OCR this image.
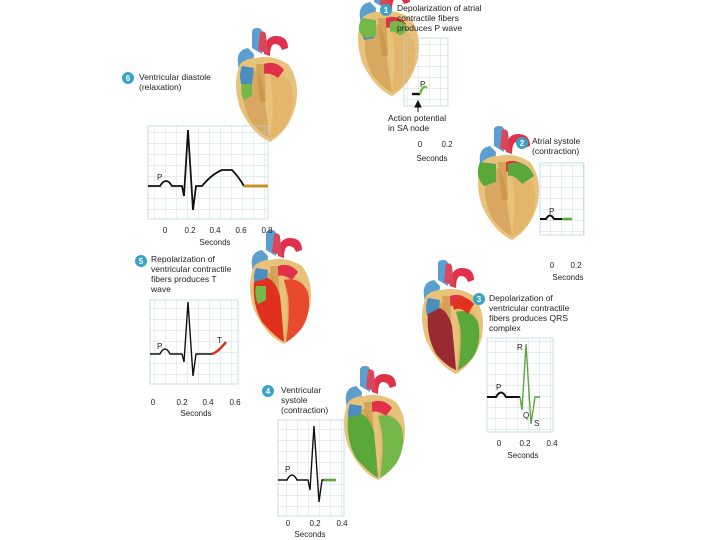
1 Depolarization of atrial
contractile fibers
produces P wave
P
Action potential
in SA node
0 0.2
Seconds
2 Atrial systole
(contraction)
P
0 0.2
Seconds
3 Depolarization of
ventricular contractile
fibers produces QRS
complex
P
R
Q
S
0 0.2 0.4
Seconds
4 Ventricular
systole
(contraction)
P
0 0.2 0.4
Seconds
5 Repolarization of
ventricular contractile
fibers produces T
wave
P
T
0	0.2 0.4 0.6
Seconds
6 Ventricular diastole
(relaxation)
P
0 0.2 0.4 0.6 0.8
Seconds
